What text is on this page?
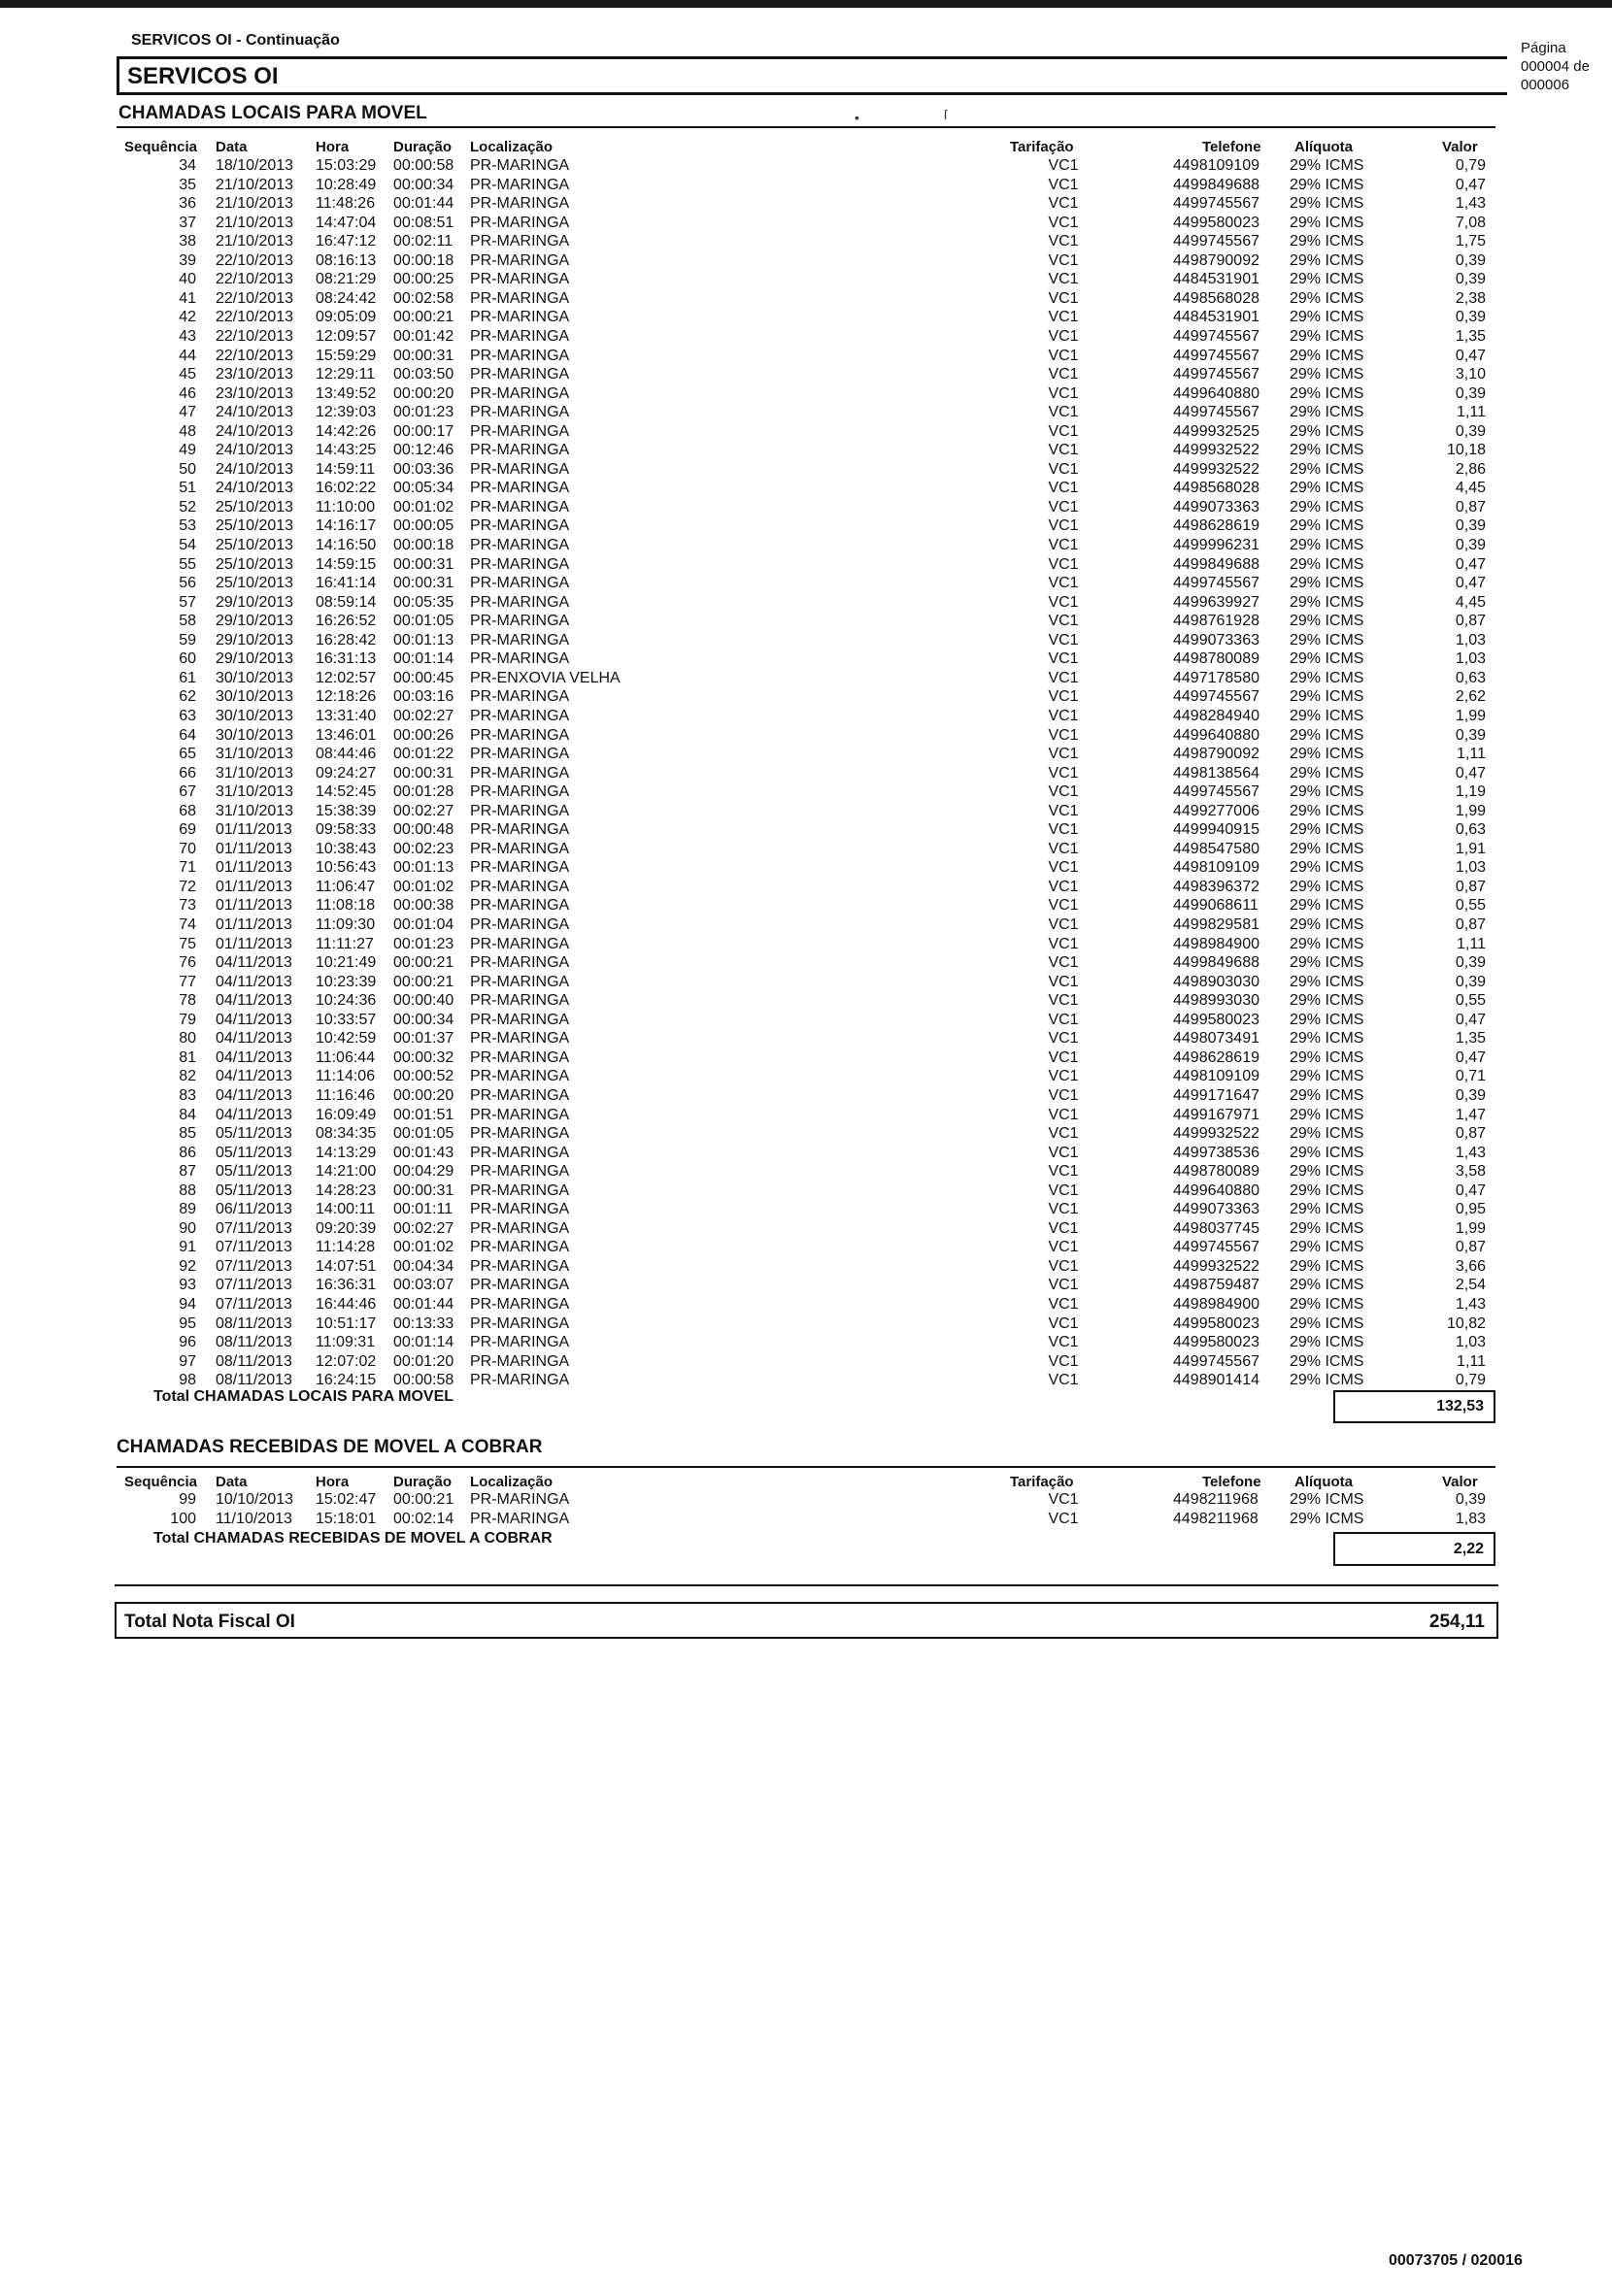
SERVICOS OI - Continuação
SERVICOS OI
Página
000004 de
000006
CHAMADAS LOCAIS PARA MOVEL	•	ſ
Sequência Data	Hora	Duração Localização	Tarifação	Telefone Alíquota	Valor
34 18/10/2013 15:03:29 00:00:58 PR-MARINGA	VC1	4498109109 29% ICMS	0,79
35 21/10/2013 10:28:49 00:00:34 PR-MARINGA	VC1	4499849688 29% ICMS	0,47
36 21/10/2013 11:48:26 00:01:44 PR-MARINGA	VC1	4499745567 29% ICMS	1,43
37 21/10/2013 14:47:04 00:08:51 PR-MARINGA	VC1	4499580023 29% ICMS	7,08
38 21/10/2013 16:47:12 00:02:11 PR-MARINGA	VC1	4499745567 29% ICMS	1,75
39 22/10/2013 08:16:13 00:00:18 PR-MARINGA	VC1	4498790092 29% ICMS	0,39
40 22/10/2013 08:21:29 00:00:25 PR-MARINGA	VC1	4484531901 29% ICMS	0,39
41 22/10/2013 08:24:42 00:02:58 PR-MARINGA	VC1	4498568028 29% ICMS	2,38
42 22/10/2013 09:05:09 00:00:21 PR-MARINGA	VC1	4484531901 29% ICMS	0,39
43 22/10/2013 12:09:57 00:01:42 PR-MARINGA	VC1	4499745567 29% ICMS	1,35
44 22/10/2013 15:59:29 00:00:31 PR-MARINGA	VC1	4499745567 29% ICMS	0,47
45 23/10/2013 12:29:11 00:03:50 PR-MARINGA	VC1	4499745567 29% ICMS	3,10
46 23/10/2013 13:49:52 00:00:20 PR-MARINGA	VC1	4499640880 29% ICMS	0,39
47 24/10/2013 12:39:03 00:01:23 PR-MARINGA	VC1	4499745567 29% ICMS	1,11
48 24/10/2013 14:42:26 00:00:17 PR-MARINGA	VC1	4499932525 29% ICMS	0,39
49 24/10/2013 14:43:25 00:12:46 PR-MARINGA	VC1	4499932522 29% ICMS	10,18
50 24/10/2013 14:59:11 00:03:36 PR-MARINGA	VC1	4499932522 29% ICMS	2,86
51 24/10/2013 16:02:22 00:05:34 PR-MARINGA	VC1	4498568028 29% ICMS	4,45
52 25/10/2013 11:10:00 00:01:02 PR-MARINGA	VC1	4499073363 29% ICMS	0,87
53 25/10/2013 14:16:17 00:00:05 PR-MARINGA	VC1	4498628619 29% ICMS	0,39
54 25/10/2013 14:16:50 00:00:18 PR-MARINGA	VC1	4499996231 29% ICMS	0,39
55 25/10/2013 14:59:15 00:00:31 PR-MARINGA	VC1	4499849688 29% ICMS	0,47
56 25/10/2013 16:41:14 00:00:31 PR-MARINGA	VC1	4499745567 29% ICMS	0,47
57 29/10/2013 08:59:14 00:05:35 PR-MARINGA	VC1	4499639927 29% ICMS	4,45
58 29/10/2013 16:26:52 00:01:05 PR-MARINGA	VC1	4498761928 29% ICMS	0,87
59 29/10/2013 16:28:42 00:01:13 PR-MARINGA	VC1	4499073363 29% ICMS	1,03
60 29/10/2013 16:31:13 00:01:14 PR-MARINGA	VC1	4498780089 29% ICMS	1,03
61 30/10/2013 12:02:57 00:00:45 PR-ENXOVIA VELHA	VC1	4497178580 29% ICMS	0,63
62 30/10/2013 12:18:26 00:03:16 PR-MARINGA	VC1	4499745567 29% ICMS	2,62
63 30/10/2013 13:31:40 00:02:27 PR-MARINGA	VC1	4498284940 29% ICMS	1,99
64 30/10/2013 13:46:01 00:00:26 PR-MARINGA	VC1	4499640880 29% ICMS	0,39
65 31/10/2013 08:44:46 00:01:22 PR-MARINGA	VC1	4498790092 29% ICMS	1,11
66 31/10/2013 09:24:27 00:00:31 PR-MARINGA	VC1	4498138564 29% ICMS	0,47
67 31/10/2013 14:52:45 00:01:28 PR-MARINGA	VC1	4499745567 29% ICMS	1,19
68 31/10/2013 15:38:39 00:02:27 PR-MARINGA	VC1	4499277006 29% ICMS	1,99
69 01/11/2013 09:58:33 00:00:48 PR-MARINGA	VC1	4499940915 29% ICMS	0,63
70 01/11/2013 10:38:43 00:02:23 PR-MARINGA	VC1	4498547580 29% ICMS	1,91
71 01/11/2013 10:56:43 00:01:13 PR-MARINGA	VC1	4498109109 29% ICMS	1,03
72 01/11/2013 11:06:47 00:01:02 PR-MARINGA	VC1	4498396372 29% ICMS	0,87
73 01/11/2013 11:08:18 00:00:38 PR-MARINGA	VC1	4499068611 29% ICMS	0,55
74 01/11/2013 11:09:30 00:01:04 PR-MARINGA	VC1	4499829581 29% ICMS	0,87
75 01/11/2013 11:11:27 00:01:23 PR-MARINGA	VC1	4498984900 29% ICMS	1,11
76 04/11/2013 10:21:49 00:00:21 PR-MARINGA	VC1	4499849688 29% ICMS	0,39
77 04/11/2013 10:23:39 00:00:21 PR-MARINGA	VC1	4498903030 29% ICMS	0,39
78 04/11/2013 10:24:36 00:00:40 PR-MARINGA	VC1	4498993030 29% ICMS	0,55
79 04/11/2013 10:33:57 00:00:34 PR-MARINGA	VC1	4499580023 29% ICMS	0,47
80 04/11/2013 10:42:59 00:01:37 PR-MARINGA	VC1	4498073491 29% ICMS	1,35
81 04/11/2013 11:06:44 00:00:32 PR-MARINGA	VC1	4498628619 29% ICMS	0,47
82 04/11/2013 11:14:06 00:00:52 PR-MARINGA	VC1	4498109109 29% ICMS	0,71
83 04/11/2013 11:16:46 00:00:20 PR-MARINGA	VC1	4499171647 29% ICMS	0,39
84 04/11/2013 16:09:49 00:01:51 PR-MARINGA	VC1	4499167971 29% ICMS	1,47
85 05/11/2013 08:34:35 00:01:05 PR-MARINGA	VC1	4499932522 29% ICMS	0,87
86 05/11/2013 14:13:29 00:01:43 PR-MARINGA	VC1	4499738536 29% ICMS	1,43
87 05/11/2013 14:21:00 00:04:29 PR-MARINGA	VC1	4498780089 29% ICMS	3,58
88 05/11/2013 14:28:23 00:00:31 PR-MARINGA	VC1	4499640880 29% ICMS	0,47
89 06/11/2013 14:00:11 00:01:11 PR-MARINGA	VC1	4499073363 29% ICMS	0,95
90 07/11/2013 09:20:39 00:02:27 PR-MARINGA	VC1	4498037745 29% ICMS	1,99
91 07/11/2013 11:14:28 00:01:02 PR-MARINGA	VC1	4499745567 29% ICMS	0,87
92 07/11/2013 14:07:51 00:04:34 PR-MARINGA	VC1	4499932522 29% ICMS	3,66
93 07/11/2013 16:36:31 00:03:07 PR-MARINGA	VC1	4498759487 29% ICMS	2,54
94 07/11/2013 16:44:46 00:01:44 PR-MARINGA	VC1	4498984900 29% ICMS	1,43
95 08/11/2013 10:51:17 00:13:33 PR-MARINGA	VC1	4499580023 29% ICMS	10,82
96 08/11/2013 11:09:31 00:01:14 PR-MARINGA	VC1	4499580023 29% ICMS	1,03
97 08/11/2013 12:07:02 00:01:20 PR-MARINGA	VC1	4499745567 29% ICMS	1,11
98 08/11/2013 16:24:15 00:00:58 PR-MARINGA	VC1	4498901414 29% ICMS	0,79
Total CHAMADAS LOCAIS PARA MOVEL
132,53
CHAMADAS RECEBIDAS DE MOVEL A COBRAR
Sequência Data	Hora	Duração Localização	Tarifação	Telefone Alíquota	Valor
99 10/10/2013 15:02:47 00:00:21 PR-MARINGA	VC1	4498211968 29% ICMS	0,39
100 11/10/2013 15:18:01 00:02:14 PR-MARINGA	VC1	4498211968 29% ICMS	1,83
Total CHAMADAS RECEBIDAS DE MOVEL A COBRAR
2,22
Total Nota Fiscal OI	254,11
00073705 / 020016
